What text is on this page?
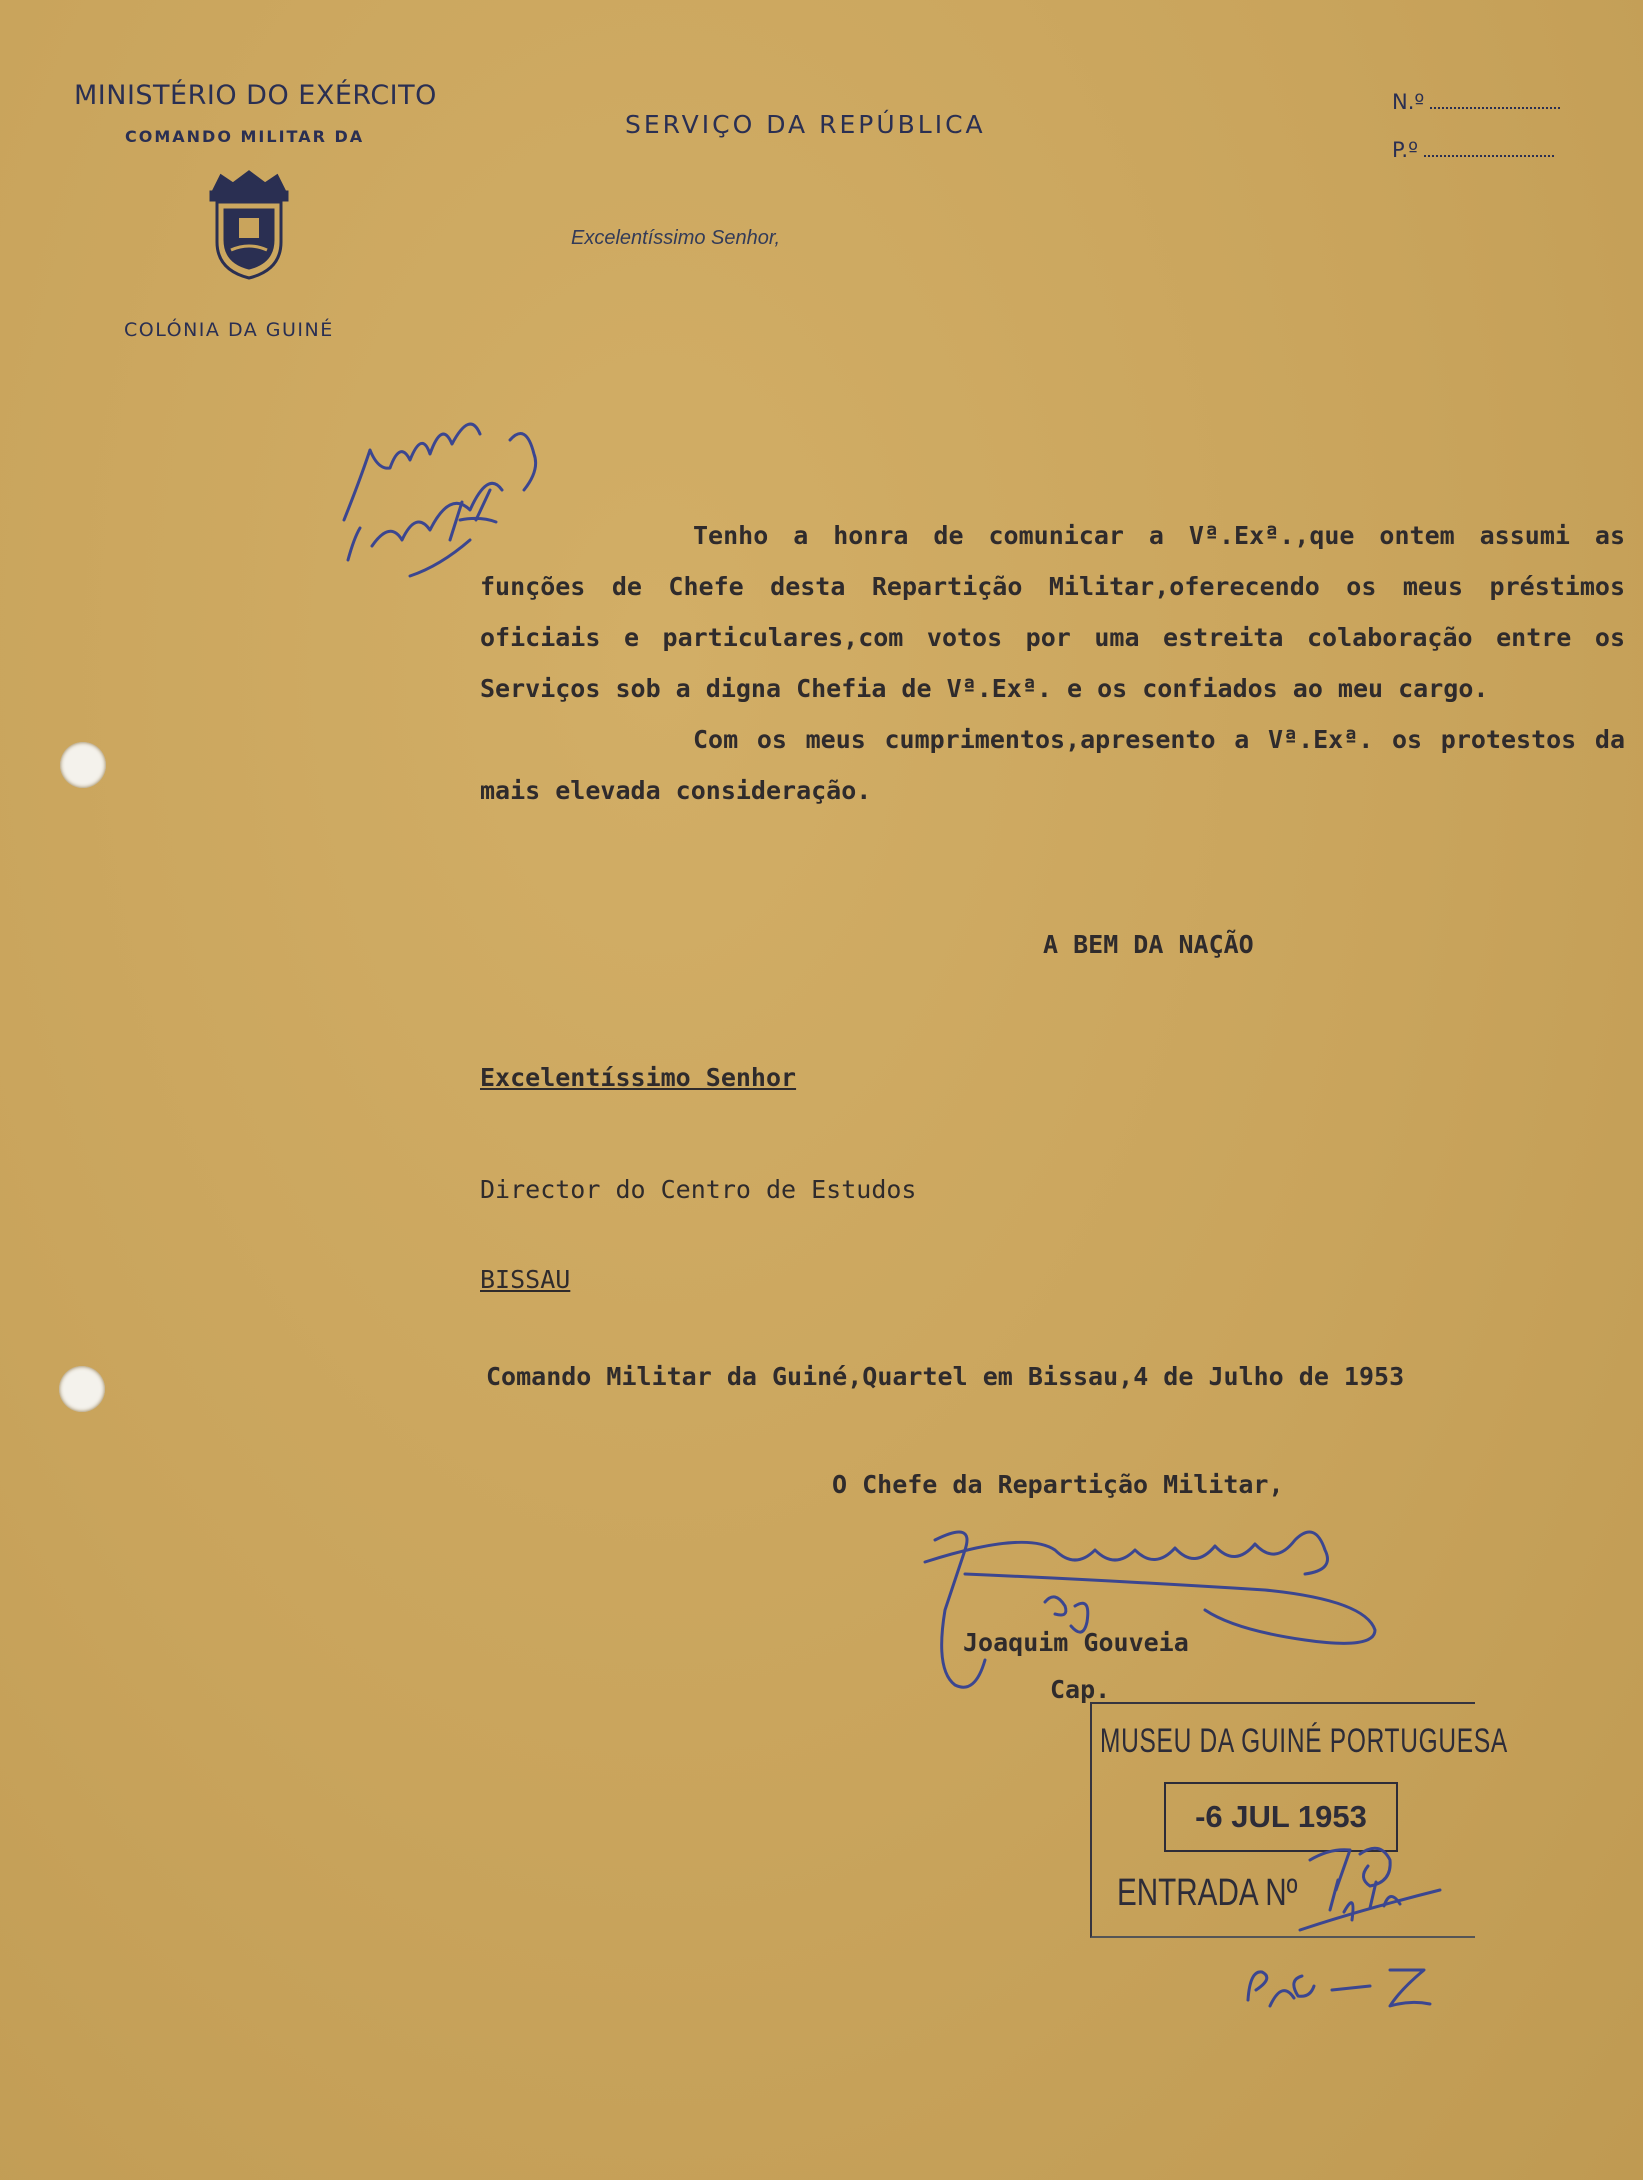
MINISTÉRIO DO EXÉRCITO
COMANDO MILITAR DA
COLÓNIA DA GUINÉ
SERVIÇO DA REPÚBLICA
Excelentíssimo Senhor,
N.º
P.º

Tenho a honra de comunicar a Vª.Exª.,que ontem assumi as funções de Chefe desta Repartição Militar,oferecendo os meus préstimos oficiais e particulares,com votos por uma estreita colaboração entre os Serviços sob a digna Chefia de Vª.Exª. e os confiados ao meu cargo.

Com os meus cumprimentos,apresento a Vª.Exª. os protestos da mais elevada consideração.

A BEM DA NAÇÃO
Excelentíssimo Senhor
Director do Centro de Estudos
BISSAU
Comando Militar da Guiné,Quartel em Bissau,4 de Julho de 1953
O Chefe da Repartição Militar,
Joaquim Gouveia
Cap.
MUSEU DA GUINÉ PORTUGUESA
-6 JUL 1953
ENTRADA Nº
